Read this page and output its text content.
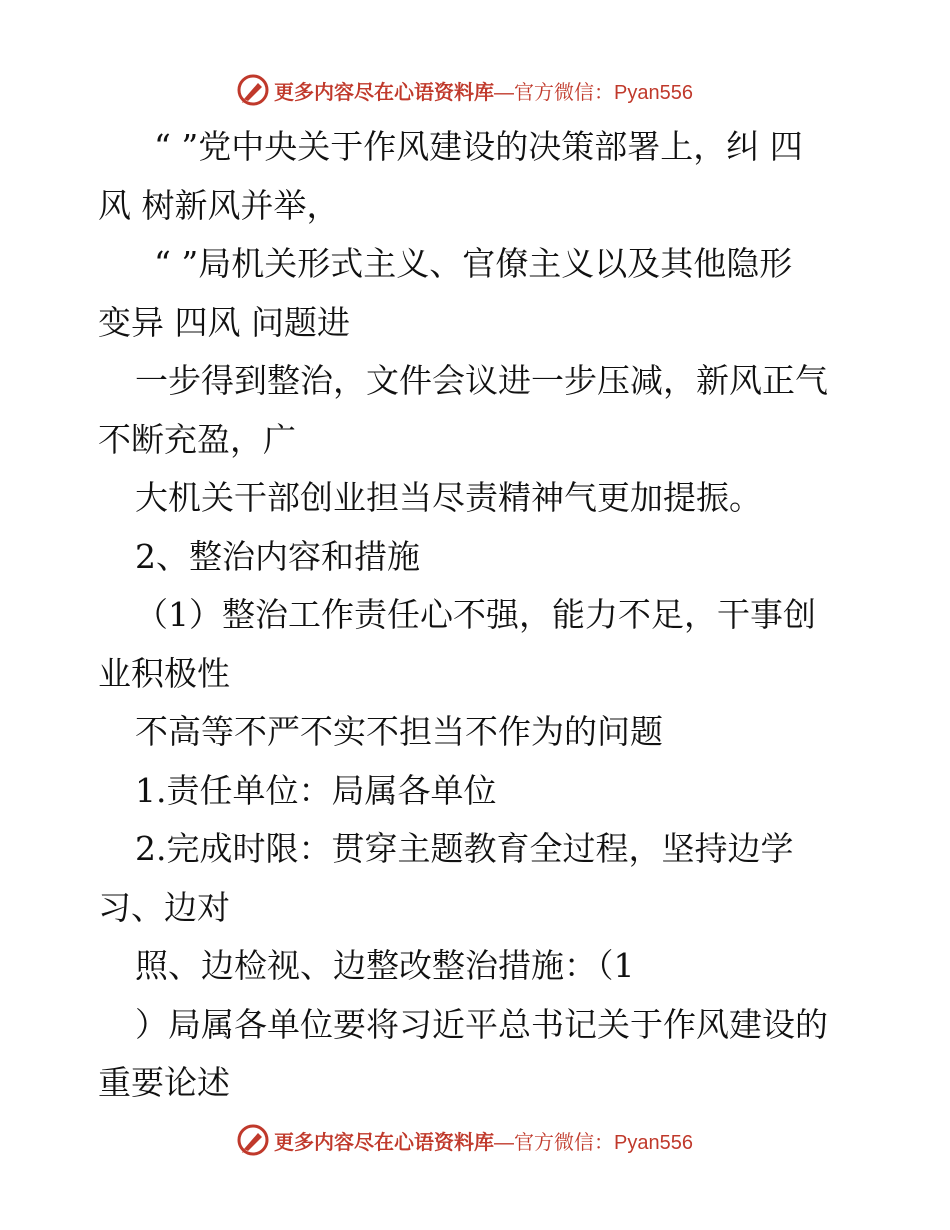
更多内容尽在心语资料库 —官方微信：Pyan556
“ ”党中央关于作风建设的决策部署上，纠 四
风 树新风并举，
“ ”局机关形式主义、官僚主义以及其他隐形
变异 四风 问题进
一步得到整治，文件会议进一步压减，新风正气
不断充盈，广
大机关干部创业担当尽责精神气更加提振。
2、整治内容和措施
（1）整治工作责任心不强，能力不足，干事创
业积极性
不高等不严不实不担当不作为的问题
1.责任单位：局属各单位
2.完成时限：贯穿主题教育全过程，坚持边学
习、边对
照、边检视、边整改整治措施：（1
）局属各单位要将习近平总书记关于作风建设的
重要论述
更多内容尽在心语资料库 —官方微信：Pyan556
